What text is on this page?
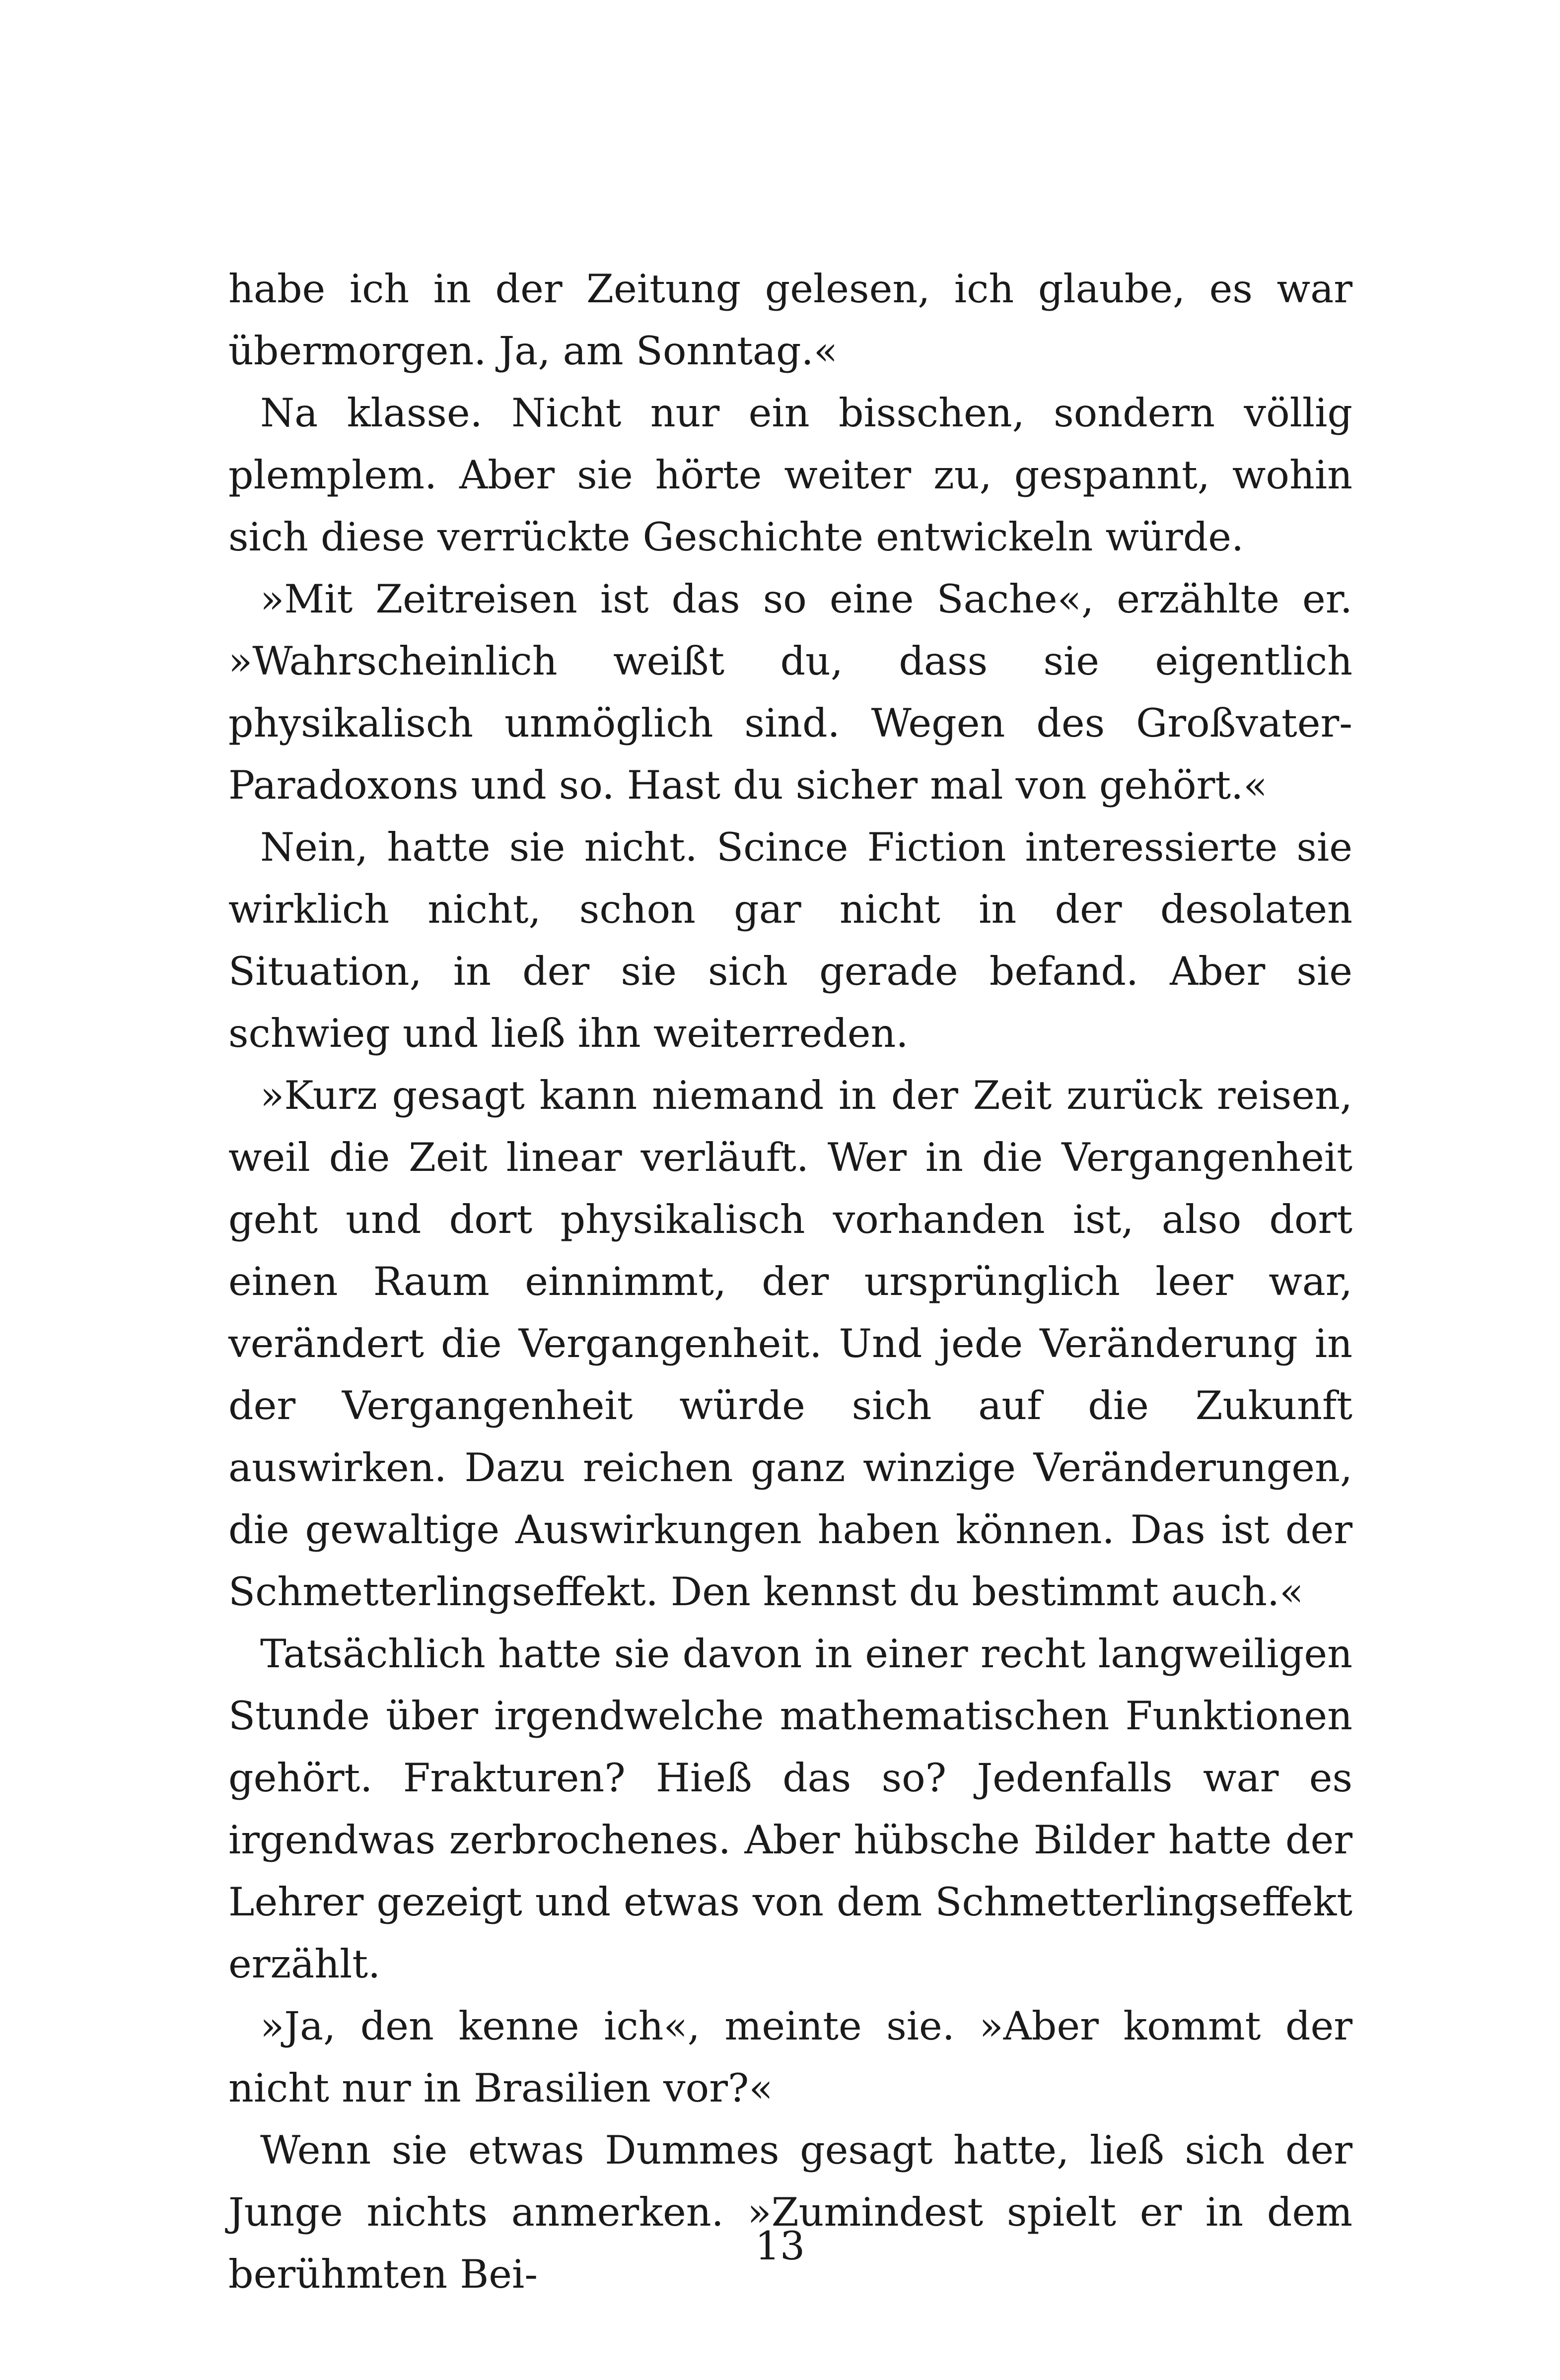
habe ich in der Zeitung gelesen, ich glaube, es war übermorgen. Ja, am Sonntag.«

Na klasse. Nicht nur ein bisschen, sondern völlig plemplem. Aber sie hörte weiter zu, gespannt, wohin sich diese verrückte Geschichte entwickeln würde.

»Mit Zeitreisen ist das so eine Sache«, erzählte er. »Wahrscheinlich weißt du, dass sie eigentlich physikalisch unmöglich sind. Wegen des Großvater-Paradoxons und so. Hast du sicher mal von gehört.«

Nein, hatte sie nicht. Scince Fiction interessierte sie wirklich nicht, schon gar nicht in der desolaten Situation, in der sie sich gerade befand. Aber sie schwieg und ließ ihn weiterreden.

»Kurz gesagt kann niemand in der Zeit zurück reisen, weil die Zeit linear verläuft. Wer in die Vergangenheit geht und dort physikalisch vorhanden ist, also dort einen Raum einnimmt, der ursprünglich leer war, verändert die Vergangenheit. Und jede Veränderung in der Vergangenheit würde sich auf die Zukunft auswirken. Dazu reichen ganz winzige Veränderungen, die gewaltige Auswirkungen haben können. Das ist der Schmetterlingseffekt. Den kennst du bestimmt auch.«

Tatsächlich hatte sie davon in einer recht langweiligen Stunde über irgendwelche mathematischen Funktionen gehört. Frakturen? Hieß das so? Jedenfalls war es irgendwas zerbrochenes. Aber hübsche Bilder hatte der Lehrer gezeigt und etwas von dem Schmetterlingseffekt erzählt.

»Ja, den kenne ich«, meinte sie. »Aber kommt der nicht nur in Brasilien vor?«

Wenn sie etwas Dummes gesagt hatte, ließ sich der Junge nichts anmerken. »Zumindest spielt er in dem berühmten Bei-

13
